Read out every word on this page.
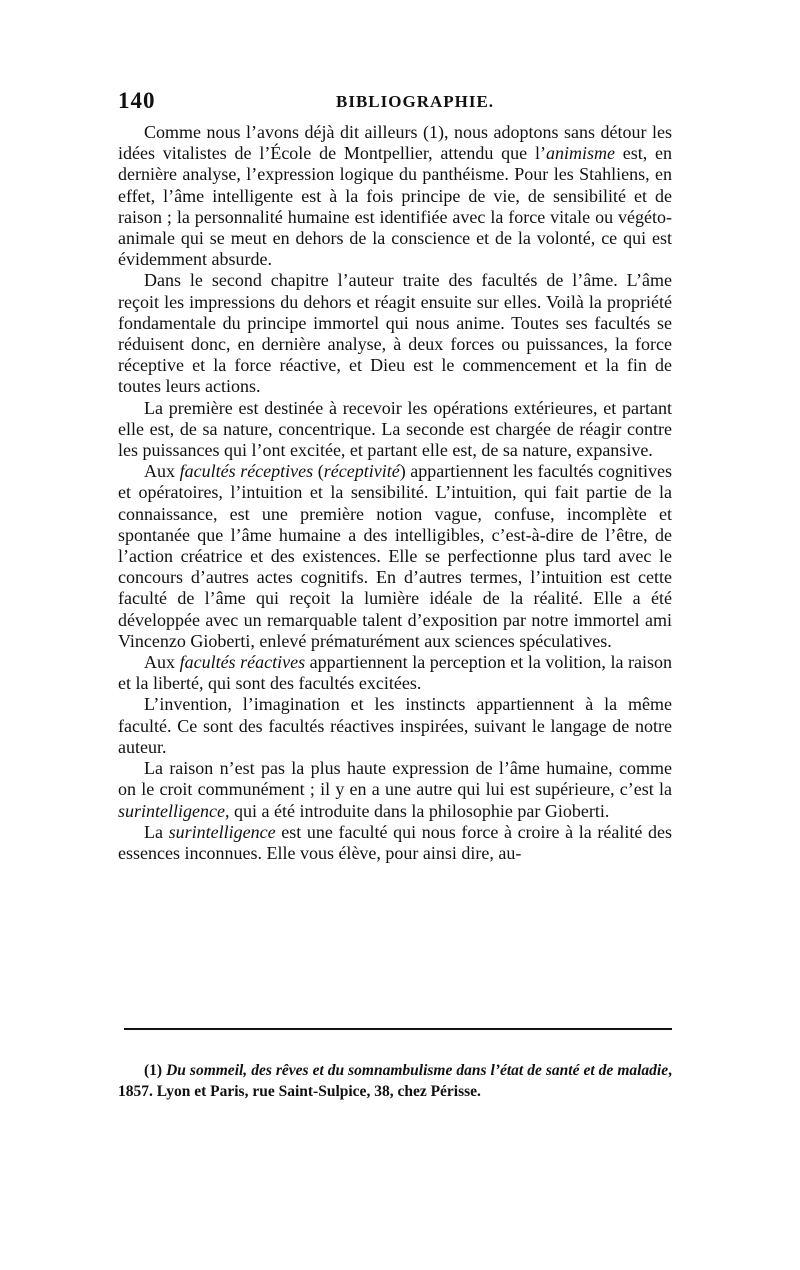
140	BIBLIOGRAPHIE.

Comme nous l’avons déjà dit ailleurs (1), nous adoptons sans détour les idées vitalistes de l’École de Montpellier, attendu que l’animisme est, en dernière analyse, l’expression logique du panthéisme. Pour les Stahliens, en effet, l’âme intelligente est à la fois principe de vie, de sensibilité et de raison ; la personnalité humaine est identifiée avec la force vitale ou végéto-animale qui se meut en dehors de la conscience et de la volonté, ce qui est évidemment absurde.

Dans le second chapitre l’auteur traite des facultés de l’âme. L’âme reçoit les impressions du dehors et réagit ensuite sur elles. Voilà la propriété fondamentale du principe immortel qui nous anime. Toutes ses facultés se réduisent donc, en dernière analyse, à deux forces ou puissances, la force réceptive et la force réactive, et Dieu est le commencement et la fin de toutes leurs actions.

La première est destinée à recevoir les opérations extérieures, et partant elle est, de sa nature, concentrique. La seconde est chargée de réagir contre les puissances qui l’ont excitée, et partant elle est, de sa nature, expansive.

Aux facultés réceptives (réceptivité) appartiennent les facultés cognitives et opératoires, l’intuition et la sensibilité. L’intuition, qui fait partie de la connaissance, est une première notion vague, confuse, incomplète et spontanée que l’âme humaine a des intelligibles, c’est-à-dire de l’être, de l’action créatrice et des existences. Elle se perfectionne plus tard avec le concours d’autres actes cognitifs. En d’autres termes, l’intuition est cette faculté de l’âme qui reçoit la lumière idéale de la réalité. Elle a été développée avec un remarquable talent d’exposition par notre immortel ami Vincenzo Gioberti, enlevé prématurément aux sciences spéculatives.

Aux facultés réactives appartiennent la perception et la volition, la raison et la liberté, qui sont des facultés excitées.

L’invention, l’imagination et les instincts appartiennent à la même faculté. Ce sont des facultés réactives inspirées, suivant le langage de notre auteur.

La raison n’est pas la plus haute expression de l’âme humaine, comme on le croit communément ; il y en a une autre qui lui est supérieure, c’est la surintelligence, qui a été introduite dans la philosophie par Gioberti.

La surintelligence est une faculté qui nous force à croire à la réalité des essences inconnues. Elle vous élève, pour ainsi dire, au-

(1) Du sommeil, des rêves et du somnambulisme dans l’état de santé et de maladie, 1857. Lyon et Paris, rue Saint-Sulpice, 38, chez Périsse.
